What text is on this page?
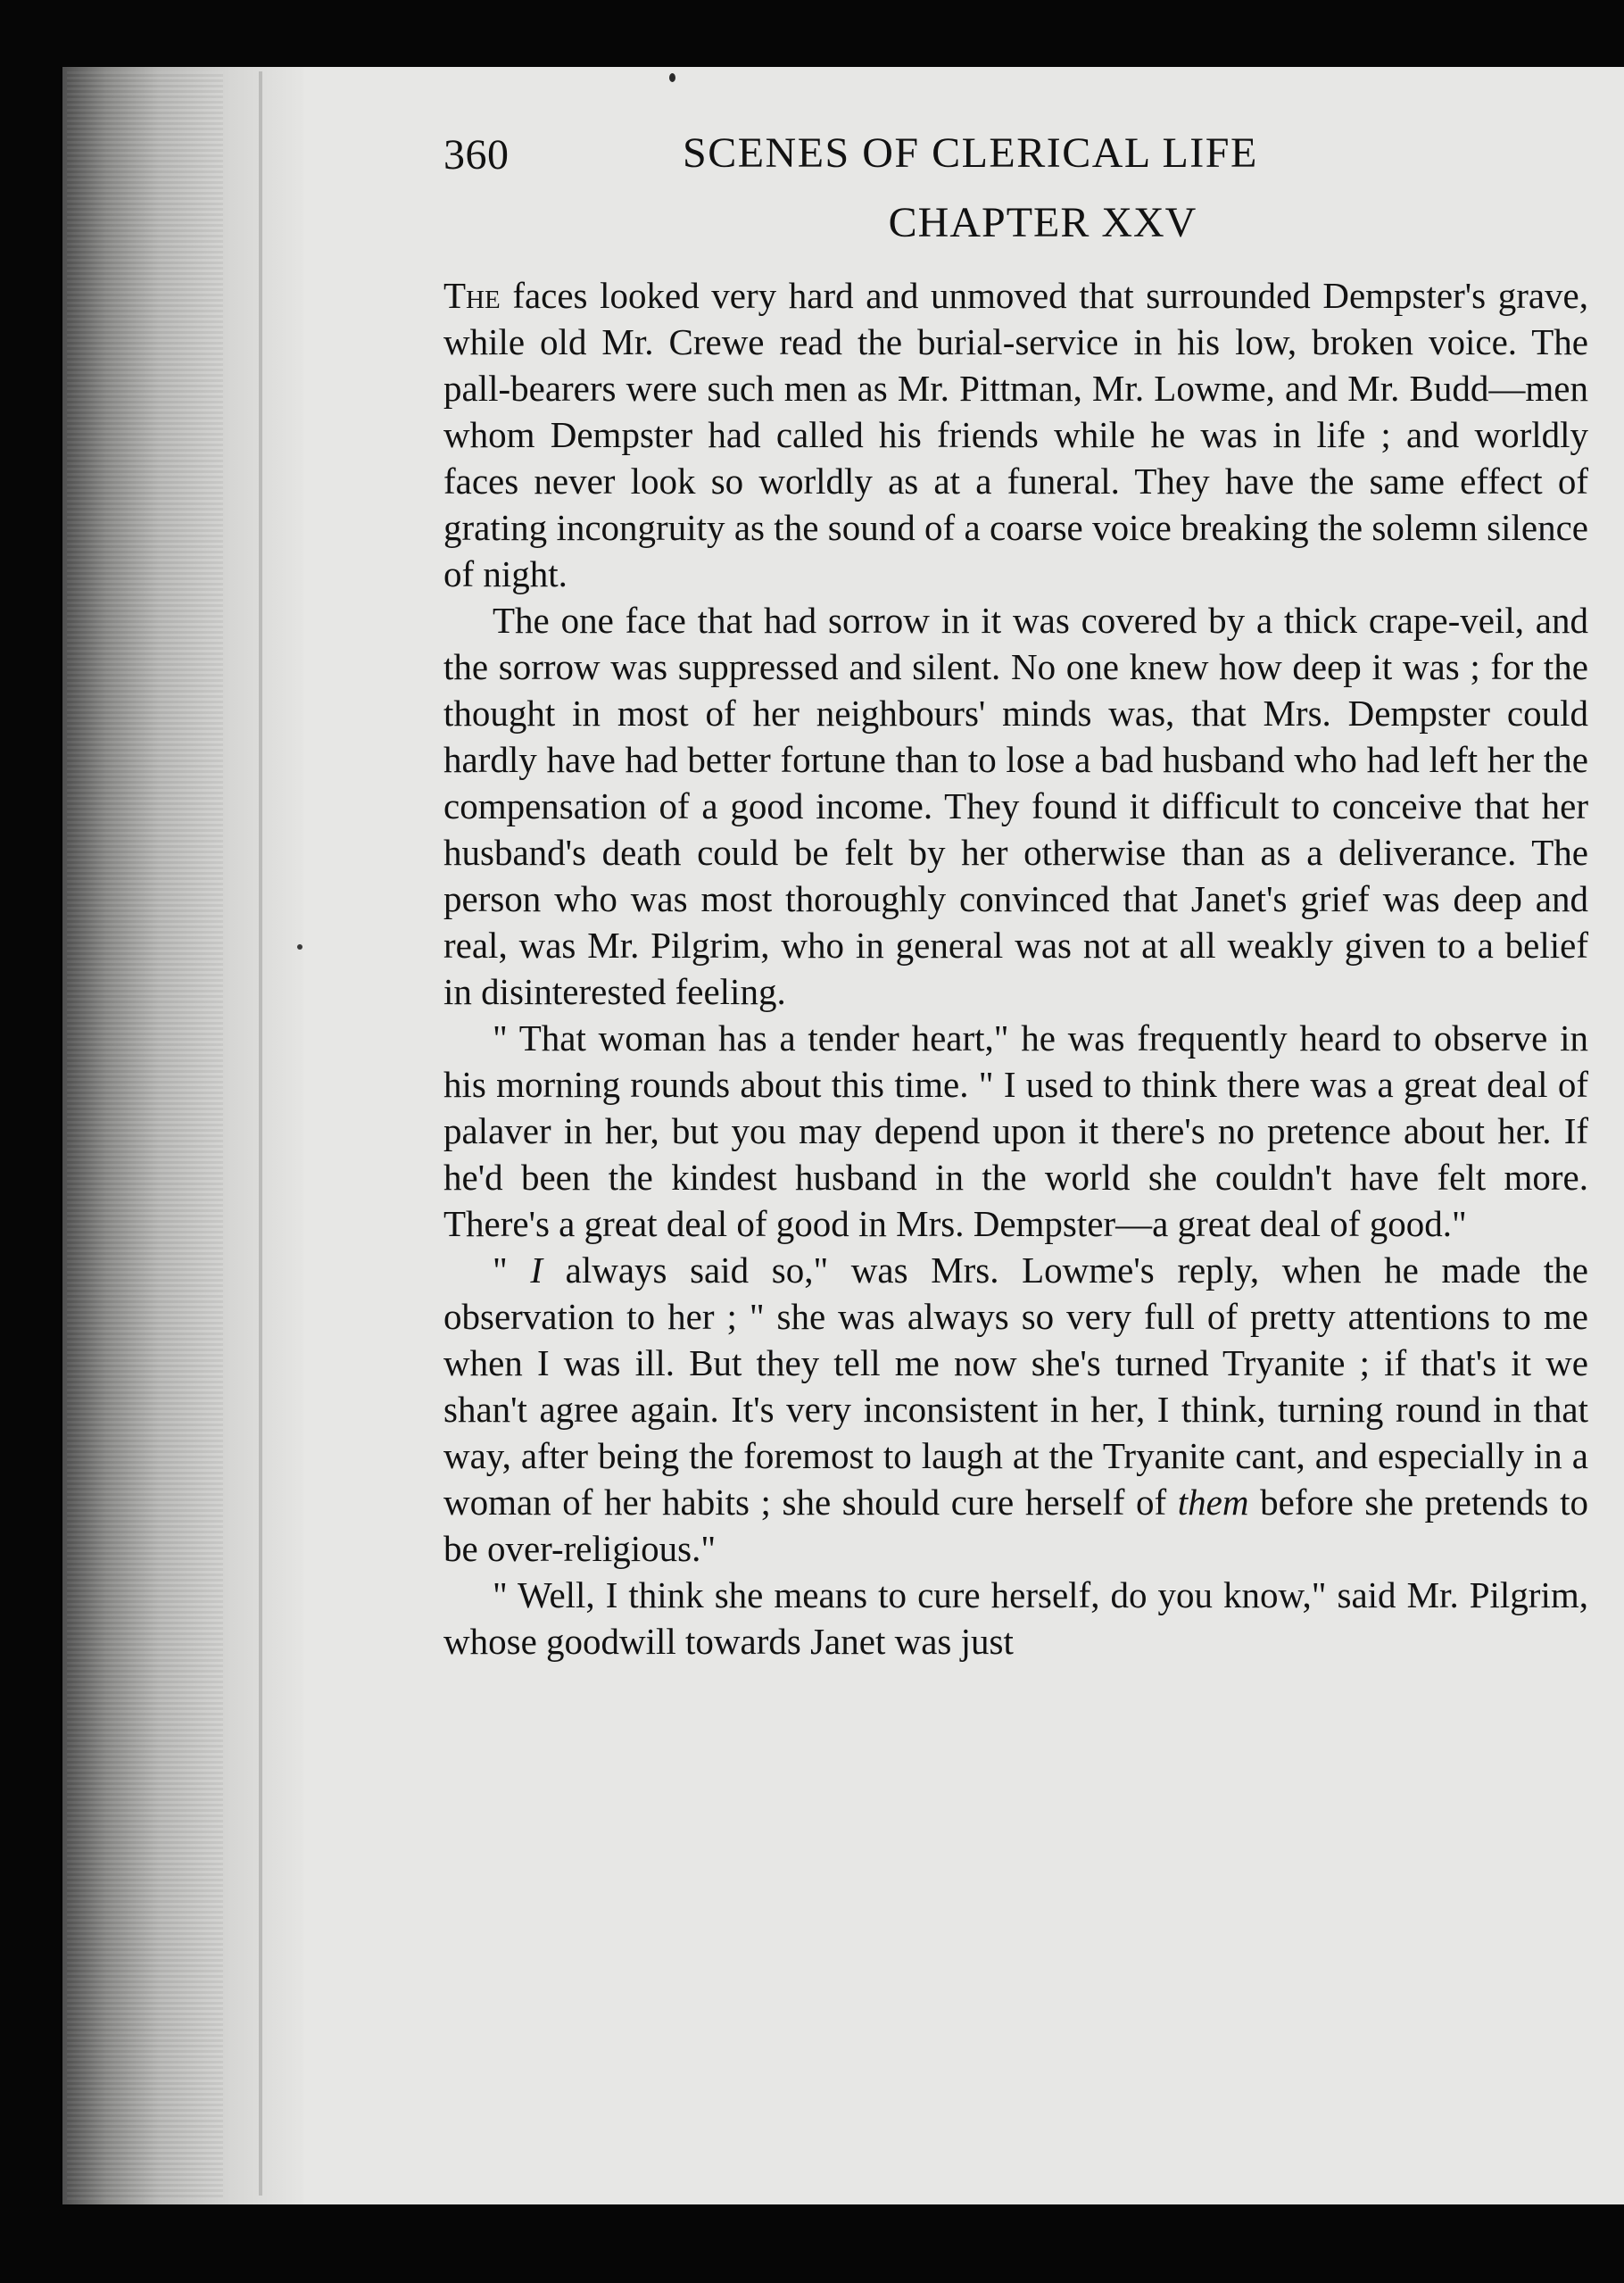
360	SCENES OF CLERICAL LIFE
CHAPTER XXV

The faces looked very hard and unmoved that surrounded Dempster's grave, while old Mr. Crewe read the burial-service in his low, broken voice. The pall-bearers were such men as Mr. Pittman, Mr. Lowme, and Mr. Budd—men whom Dempster had called his friends while he was in life ; and worldly faces never look so worldly as at a funeral. They have the same effect of grating incongruity as the sound of a coarse voice breaking the solemn silence of night.

The one face that had sorrow in it was covered by a thick crape-veil, and the sorrow was suppressed and silent. No one knew how deep it was ; for the thought in most of her neighbours' minds was, that Mrs. Dempster could hardly have had better fortune than to lose a bad husband who had left her the compensation of a good income. They found it difficult to conceive that her husband's death could be felt by her otherwise than as a deliverance. The person who was most thoroughly convinced that Janet's grief was deep and real, was Mr. Pilgrim, who in general was not at all weakly given to a belief in disinterested feeling.

" That woman has a tender heart," he was frequently heard to observe in his morning rounds about this time. " I used to think there was a great deal of palaver in her, but you may depend upon it there's no pretence about her. If he'd been the kindest husband in the world she couldn't have felt more. There's a great deal of good in Mrs. Dempster—a great deal of good."

" I always said so," was Mrs. Lowme's reply, when he made the observation to her ; " she was always so very full of pretty attentions to me when I was ill. But they tell me now she's turned Tryanite ; if that's it we shan't agree again. It's very inconsistent in her, I think, turning round in that way, after being the foremost to laugh at the Tryanite cant, and especially in a woman of her habits ; she should cure herself of them before she pretends to be over-religious."

" Well, I think she means to cure herself, do you know," said Mr. Pilgrim, whose goodwill towards Janet was just
